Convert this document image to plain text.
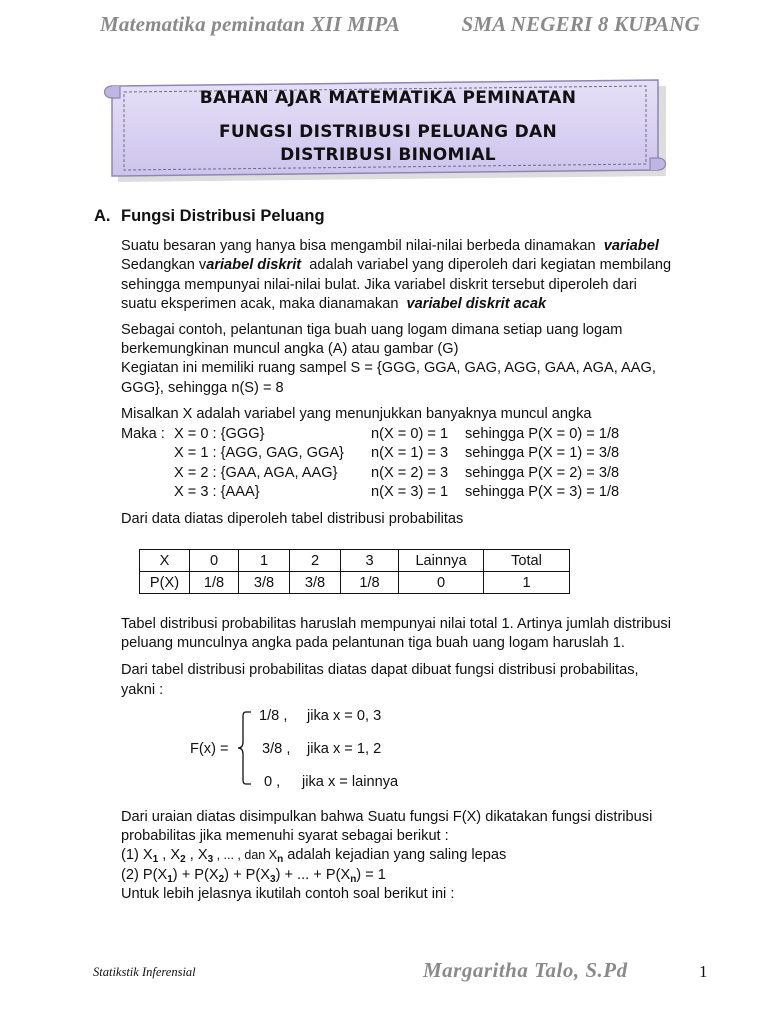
Matematika peminatan XII MIPA	SMA NEGERI 8 KUPANG
BAHAN AJAR MATEMATIKA PEMINATAN
FUNGSI DISTRIBUSI PELUANG DAN
DISTRIBUSI BINOMIAL
A. Fungsi Distribusi Peluang
Suatu besaran yang hanya bisa mengambil nilai-nilai berbeda dinamakan variabel
Sedangkan variabel diskrit adalah variabel yang diperoleh dari kegiatan membilang
sehingga mempunyai nilai-nilai bulat. Jika variabel diskrit tersebut diperoleh dari
suatu eksperimen acak, maka dianamakan variabel diskrit acak
Sebagai contoh, pelantunan tiga buah uang logam dimana setiap uang logam
berkemungkinan muncul angka (A) atau gambar (G)
Kegiatan ini memiliki ruang sampel S = {GGG, GGA, GAG, AGG, GAA, AGA, AAG,
GGG}, sehingga n(S) = 8
Misalkan X adalah variabel yang menunjukkan banyaknya muncul angka
Maka : X = 0 : {GGG}	n(X = 0) = 1 sehingga P(X = 0) = 1/8
X = 1 : {AGG, GAG, GGA} n(X = 1) = 3 sehingga P(X = 1) = 3/8
X = 2 : {GAA, AGA, AAG} n(X = 2) = 3 sehingga P(X = 2) = 3/8
X = 3 : {AAA}	n(X = 3) = 1 sehingga P(X = 3) = 1/8
Dari data diatas diperoleh tabel distribusi probabilitas
X	0	1	2	3	Lainnya	Total
P(X)	1/8	3/8	3/8	1/8	0	1
Tabel distribusi probabilitas haruslah mempunyai nilai total 1. Artinya jumlah distribusi
peluang munculnya angka pada pelantunan tiga buah uang logam haruslah 1.
Dari tabel distribusi probabilitas diatas dapat dibuat fungsi distribusi probabilitas,
yakni :
F(x) =
1/8 , jika x = 0, 3
3/8 , jika x = 1, 2
0 , jika x = lainnya
Dari uraian diatas disimpulkan bahwa Suatu fungsi F(X) dikatakan fungsi distribusi
probabilitas jika memenuhi syarat sebagai berikut :
(1) $X_1$ , $X_2$ , $X_3$ , ... , dan $X_n$ adalah kejadian yang saling lepas
(2) $P(X_1) + P(X_2) + P(X_3)$ + ... + $P(X_n) = 1$
Untuk lebih jelasnya ikutilah contoh soal berikut ini :
Statikstik Inferensial	Margaritha Talo, S.Pd	1
